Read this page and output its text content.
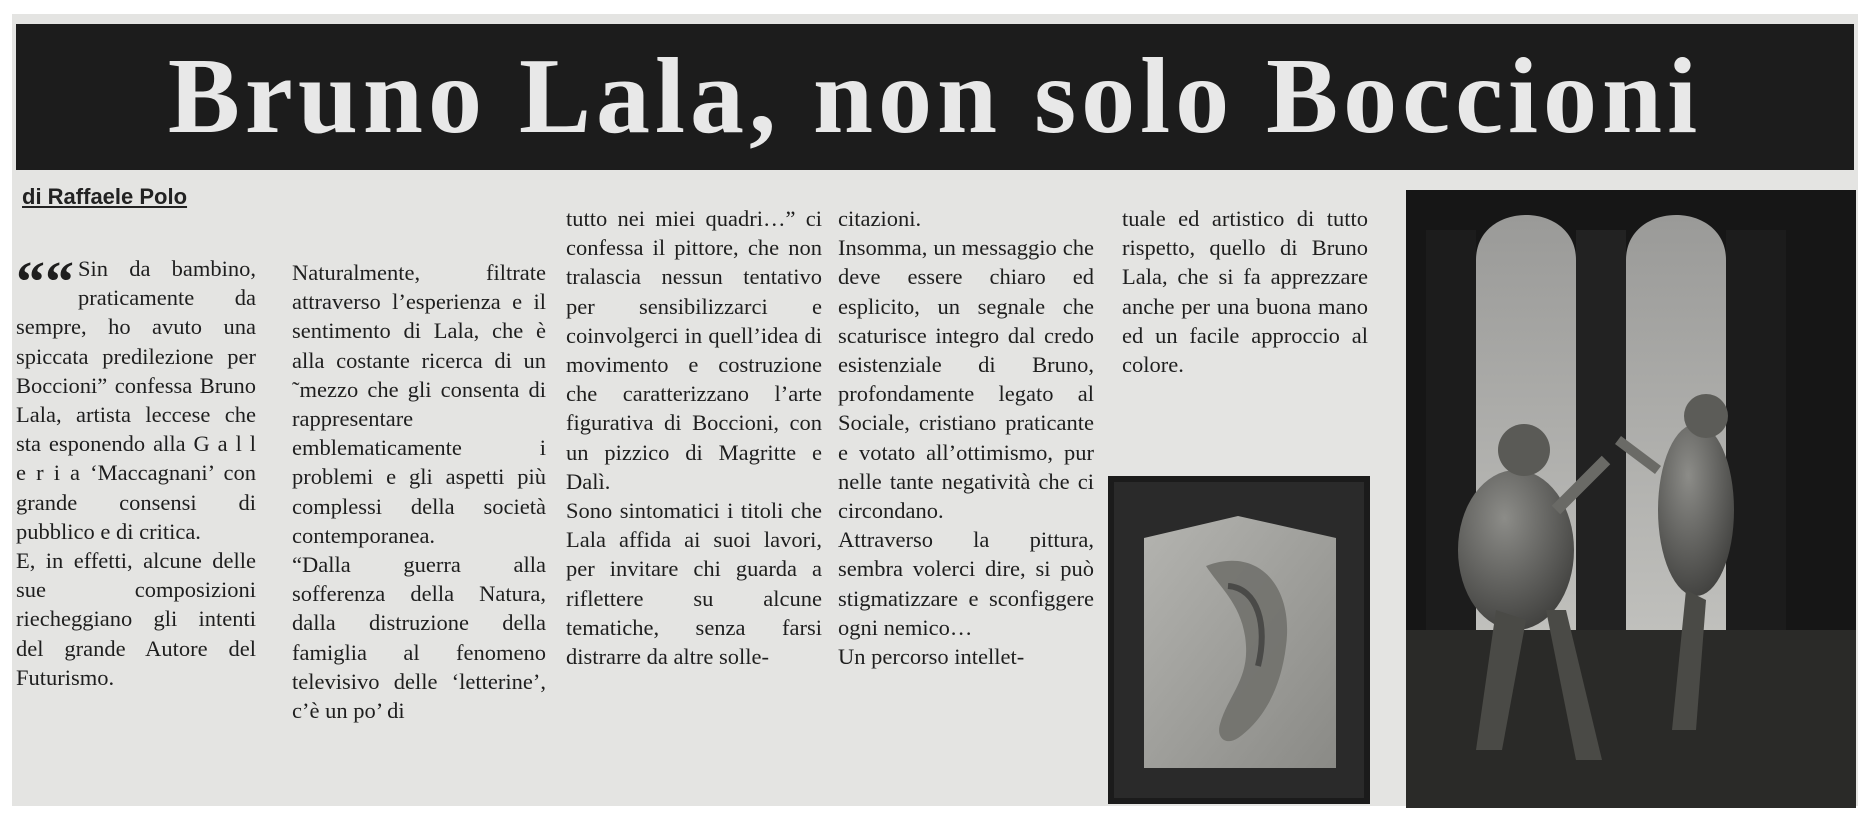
Bruno Lala, non solo Boccioni
di Raffaele Polo
““ Sin da bambino, praticamente da sempre, ho avuto una spiccata predilezione per Boccioni” confessa Bruno Lala, artista leccese che sta esponendo alla G a l l e r i a ‘Maccagnani’ con grande consensi di pubblico e di critica.

E, in effetti, alcune delle sue composizioni riecheggiano gli intenti del grande Autore del Futurismo.

Naturalmente, filtrate attraverso l’esperienza e il sentimento di Lala, che è alla costante ricerca di un ˜mezzo che gli consenta di rappresentare emblematicamente i problemi e gli aspetti più complessi della società contemporanea.

“Dalla guerra alla sofferenza della Natura, dalla distruzione della famiglia al fenomeno televisivo delle ‘letterine’, c’è un po’ di

tutto nei miei quadri…” ci confessa il pittore, che non tralascia nessun tentativo per sensibilizzarci e coinvolgerci in quell’idea di movimento e costruzione che caratterizzano l’arte figurativa di Boccioni, con un pizzico di Magritte e Dalì.

Sono sintomatici i titoli che Lala affida ai suoi lavori, per invitare chi guarda a riflettere su alcune tematiche, senza farsi distrarre da altre solle-

citazioni.

Insomma, un messaggio che deve essere chiaro ed esplicito, un segnale che scaturisce integro dal credo esistenziale di Bruno, profondamente legato al Sociale, cristiano praticante e votato all’ottimismo, pur nelle tante negatività che ci circondano.

Attraverso la pittura, sembra volerci dire, si può stigmatizzare e sconfiggere ogni nemico…

Un percorso intellet-

tuale ed artistico di tutto rispetto, quello di Bruno Lala, che si fa apprezzare anche per una buona mano ed un facile approccio al colore.
